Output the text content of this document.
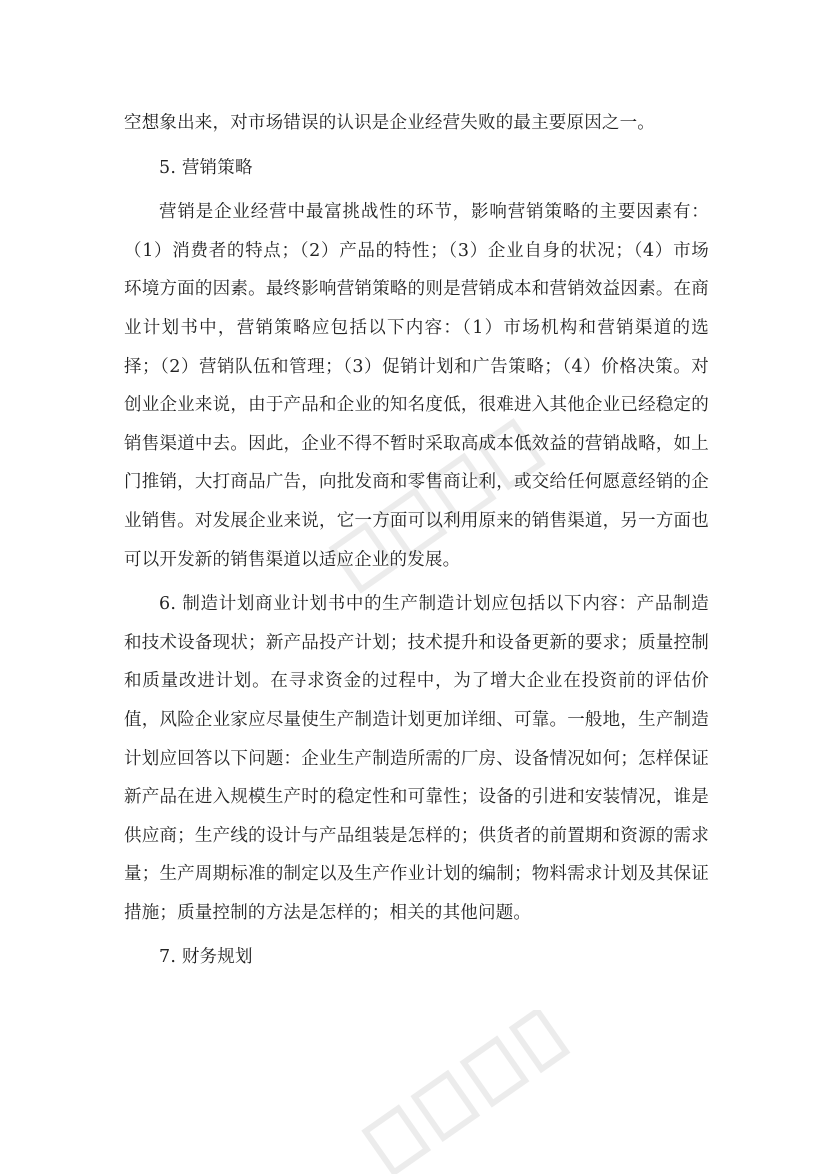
空想象出来，对市场错误的认识是企业经营失败的最主要原因之一。

5. 营销策略

营销是企业经营中最富挑战性的环节，影响营销策略的主要因素有：（1）消费者的特点；（2）产品的特性；（3）企业自身的状况；（4）市场环境方面的因素。最终影响营销策略的则是营销成本和营销效益因素。在商业计划书中，营销策略应包括以下内容：（1）市场机构和营销渠道的选择；（2）营销队伍和管理；（3）促销计划和广告策略；（4）价格决策。对创业企业来说，由于产品和企业的知名度低，很难进入其他企业已经稳定的销售渠道中去。因此，企业不得不暂时采取高成本低效益的营销战略，如上门推销，大打商品广告，向批发商和零售商让利，或交给任何愿意经销的企业销售。对发展企业来说，它一方面可以利用原来的销售渠道，另一方面也可以开发新的销售渠道以适应企业的发展。

6. 制造计划商业计划书中的生产制造计划应包括以下内容：产品制造和技术设备现状；新产品投产计划；技术提升和设备更新的要求；质量控制和质量改进计划。在寻求资金的过程中，为了增大企业在投资前的评估价值，风险企业家应尽量使生产制造计划更加详细、可靠。一般地，生产制造计划应回答以下问题：企业生产制造所需的厂房、设备情况如何；怎样保证新产品在进入规模生产时的稳定性和可靠性；设备的引进和安装情况，谁是供应商；生产线的设计与产品组装是怎样的；供货者的前置期和资源的需求量；生产周期标准的制定以及生产作业计划的编制；物料需求计划及其保证措施；质量控制的方法是怎样的；相关的其他问题。

7. 财务规划
